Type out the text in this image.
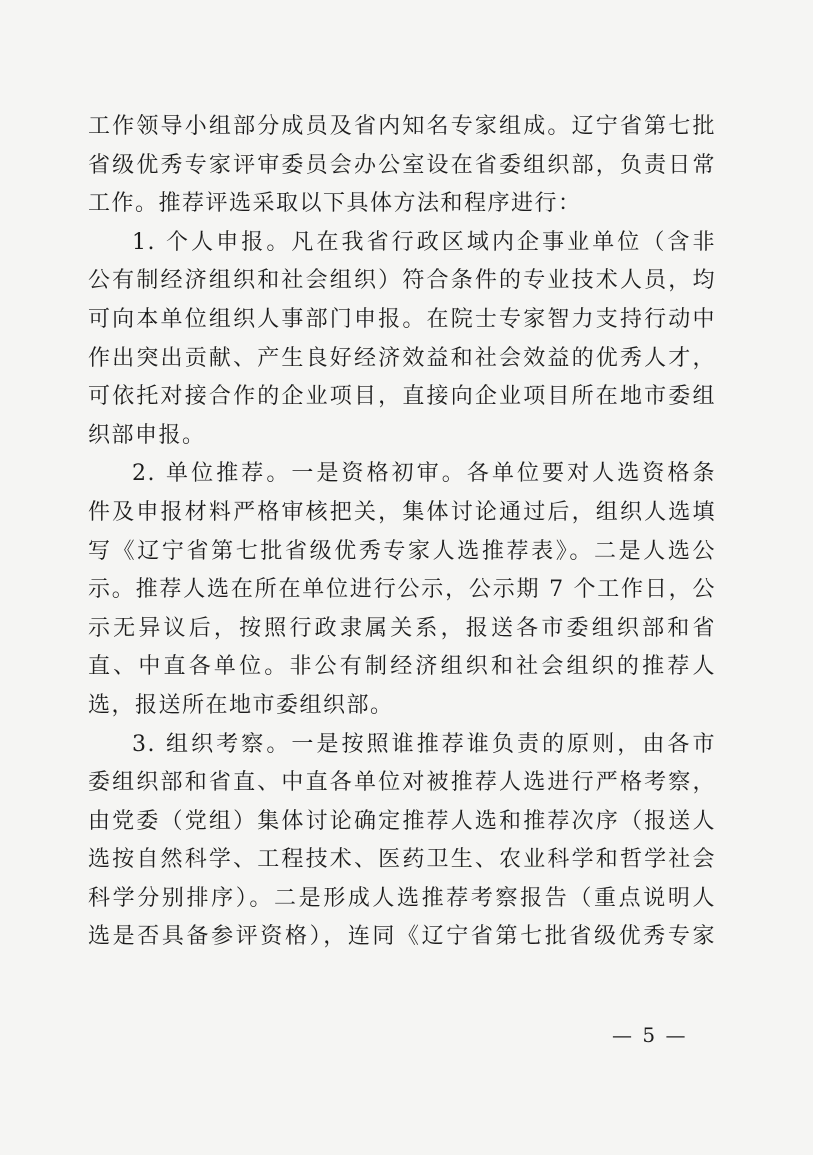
工作领导小组部分成员及省内知名专家组成。辽宁省第七批
省级优秀专家评审委员会办公室设在省委组织部，负责日常
工作。推荐评选采取以下具体方法和程序进行：
1. 个人申报。凡在我省行政区域内企事业单位（含非
公有制经济组织和社会组织）符合条件的专业技术人员，均
可向本单位组织人事部门申报。在院士专家智力支持行动中
作出突出贡献、产生良好经济效益和社会效益的优秀人才，
可依托对接合作的企业项目，直接向企业项目所在地市委组
织部申报。
2. 单位推荐。一是资格初审。各单位要对人选资格条
件及申报材料严格审核把关，集体讨论通过后，组织人选填
写《辽宁省第七批省级优秀专家人选推荐表》。二是人选公
示。推荐人选在所在单位进行公示，公示期 7 个工作日，公
示无异议后，按照行政隶属关系，报送各市委组织部和省
直、中直各单位。非公有制经济组织和社会组织的推荐人
选，报送所在地市委组织部。
3. 组织考察。一是按照谁推荐谁负责的原则，由各市
委组织部和省直、中直各单位对被推荐人选进行严格考察，
由党委（党组）集体讨论确定推荐人选和推荐次序（报送人
选按自然科学、工程技术、医药卫生、农业科学和哲学社会
科学分别排序）。二是形成人选推荐考察报告（重点说明人
选是否具备参评资格），连同《辽宁省第七批省级优秀专家
— 5 —
